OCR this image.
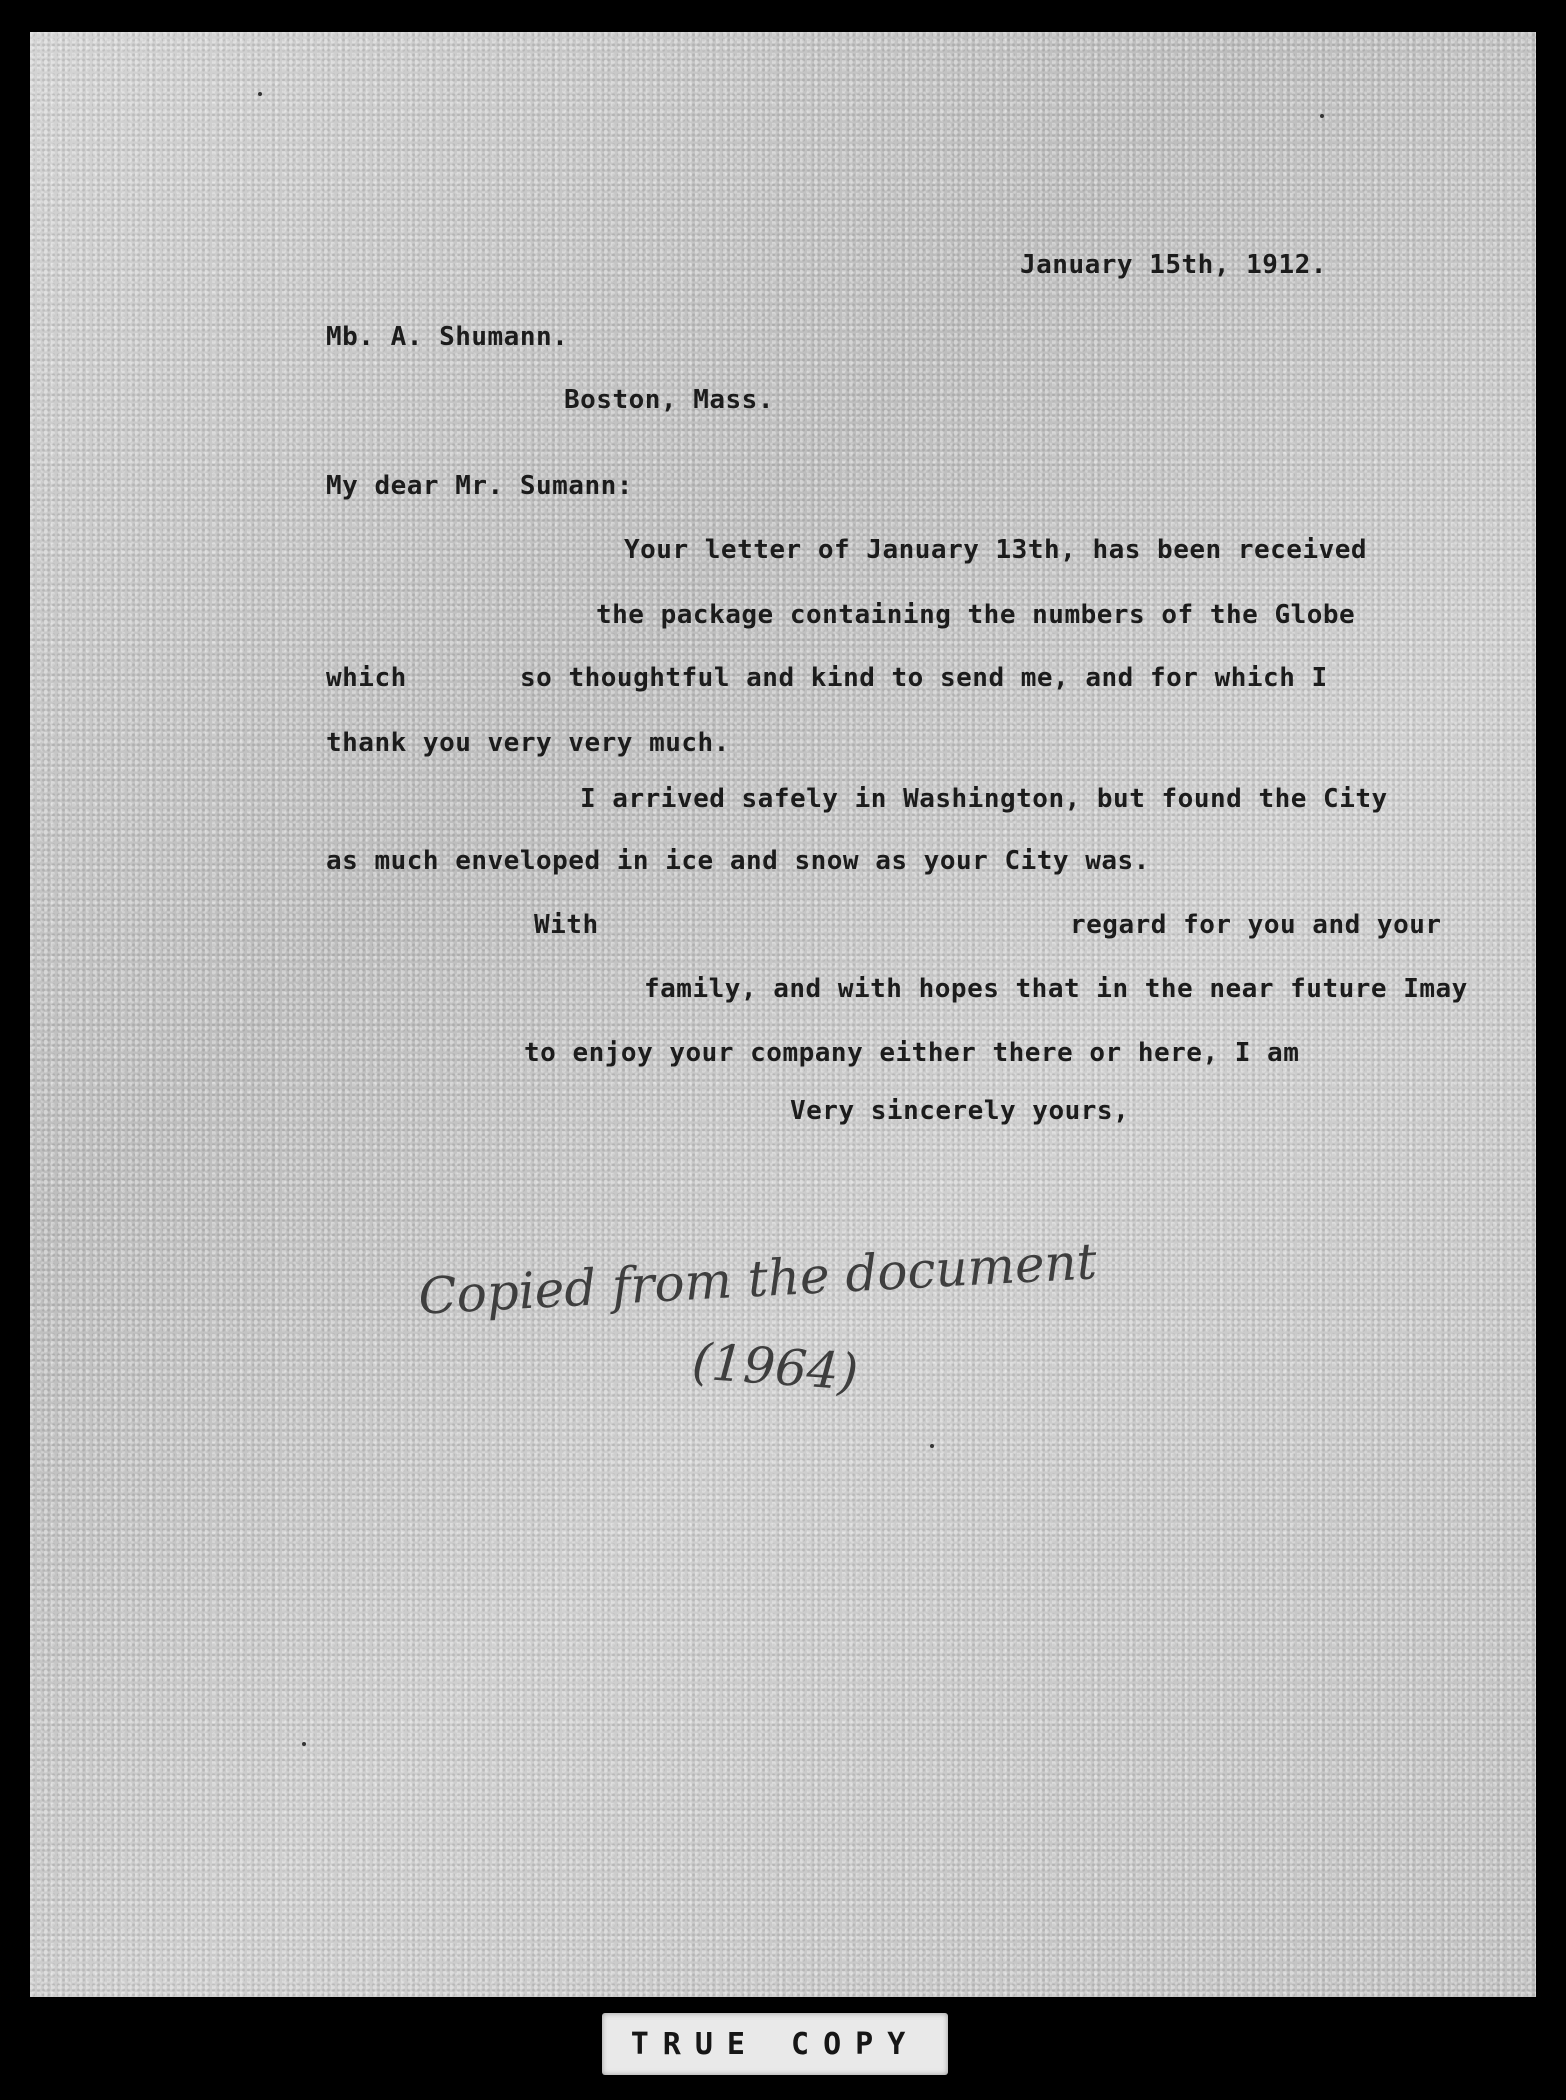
January 15th, 1912.
Mb. A. Shumann.
Boston, Mass.
My dear Mr. Sumann:
Your letter of January 13th, has been received
the package containing the numbers of the Globe
which	so thoughtful and kind to send me, and for which I
thank you very very much.
I arrived safely in Washington, but found the City
as much enveloped in ice and snow as your City was.
With	regard for you and your
family, and with hopes that in the near future Imay
to enjoy your company either there or here, I am
Very sincerely yours,
Copied from the document
(1964)
TRUE COPY
